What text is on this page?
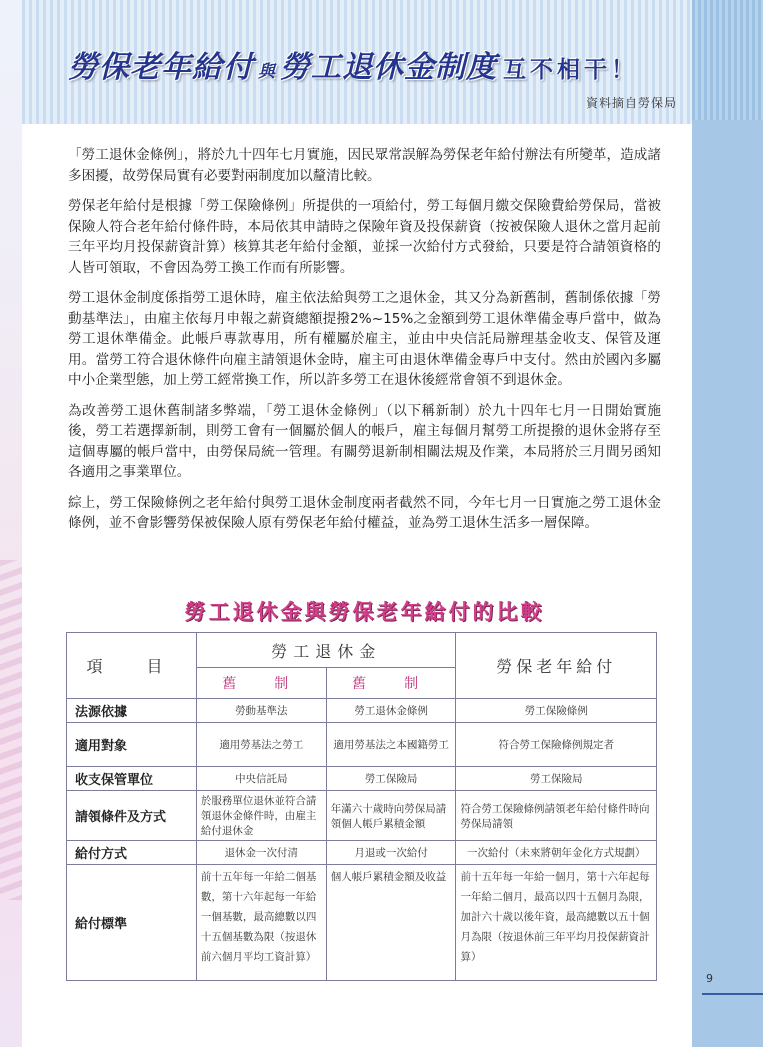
勞保老年給付 與 勞工退休金制度 互不相干！
資料摘自勞保局

「勞工退休金條例」，將於九十四年七月實施，因民眾常誤解為勞保老年給付辦法有所變革，造成諸多困擾，故勞保局實有必要對兩制度加以釐清比較。

勞保老年給付是根據「勞工保險條例」所提供的一項給付，勞工每個月繳交保險費給勞保局，當被保險人符合老年給付條件時，本局依其申請時之保險年資及投保薪資（按被保險人退休之當月起前三年平均月投保薪資計算）核算其老年給付金額，並採一次給付方式發給，只要是符合請領資格的人皆可領取，不會因為勞工換工作而有所影響。

勞工退休金制度係指勞工退休時，雇主依法給與勞工之退休金，其又分為新舊制，舊制係依據「勞動基準法」，由雇主依每月申報之薪資總額提撥2%~15%之金額到勞工退休準備金專戶當中，做為勞工退休準備金。此帳戶專款專用，所有權屬於雇主，並由中央信託局辦理基金收支、保管及運用。當勞工符合退休條件向雇主請領退休金時，雇主可由退休準備金專戶中支付。然由於國內多屬中小企業型態，加上勞工經常換工作，所以許多勞工在退休後經常會領不到退休金。

為改善勞工退休舊制諸多弊端，「勞工退休金條例」（以下稱新制）於九十四年七月一日開始實施後，勞工若選擇新制，則勞工會有一個屬於個人的帳戶，雇主每個月幫勞工所提撥的退休金將存至這個專屬的帳戶當中，由勞保局統一管理。有關勞退新制相關法規及作業，本局將於三月間另函知各適用之事業單位。

綜上，勞工保險條例之老年給付與勞工退休金制度兩者截然不同，今年七月一日實施之勞工退休金條例，並不會影響勞保被保險人原有勞保老年給付權益，並為勞工退休生活多一層保障。

勞工退休金與勞保老年給付的比較
項　目	勞工退休金		勞保老年給付
	舊　制	舊　制	
法源依據	勞動基準法	勞工退休金條例	勞工保險條例
適用對象	適用勞基法之勞工	適用勞基法之本國籍勞工	符合勞工保險條例規定者
收支保管單位	中央信託局	勞工保險局	勞工保險局
請領條件及方式	於服務單位退休並符合請領退休金條件時，由雇主給付退休金	年滿六十歲時向勞保局請領個人帳戶累積金額	符合勞工保險條例請領老年給付條件時向勞保局請領
給付方式	退休金一次付清	月退或一次給付	一次給付（未來將朝年金化方式規劃）
給付標準	前十五年每一年給二個基數，第十六年起每一年給一個基數，最高總數以四十五個基數為限（按退休前六個月平均工資計算）	個人帳戶累積金額及收益	前十五年每一年給一個月，第十六年起每一年給二個月，最高以四十五個月為限，加計六十歲以後年資，最高總數以五十個月為限（按退休前三年平均月投保薪資計算）
9
